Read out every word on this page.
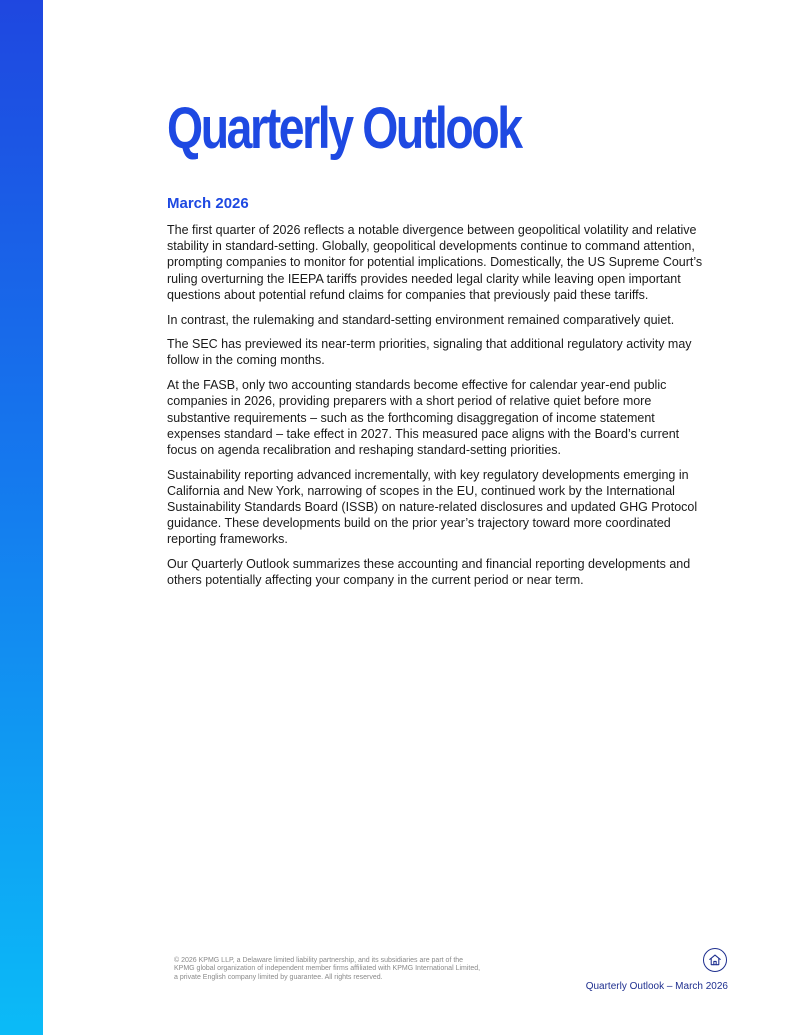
Quarterly Outlook
March 2026

The first quarter of 2026 reflects a notable divergence between geopolitical volatility and relative stability in standard-setting. Globally, geopolitical developments continue to command attention, prompting companies to monitor for potential implications. Domestically, the US Supreme Court’s ruling overturning the IEEPA tariffs provides needed legal clarity while leaving open important questions about potential refund claims for companies that previously paid these tariffs.

In contrast, the rulemaking and standard-setting environment remained comparatively quiet.

The SEC has previewed its near-term priorities, signaling that additional regulatory activity may follow in the coming months.

At the FASB, only two accounting standards become effective for calendar year-end public companies in 2026, providing preparers with a short period of relative quiet before more substantive requirements – such as the forthcoming disaggregation of income statement expenses standard – take effect in 2027. This measured pace aligns with the Board’s current focus on agenda recalibration and reshaping standard-setting priorities.

Sustainability reporting advanced incrementally, with key regulatory developments emerging in California and New York, narrowing of scopes in the EU, continued work by the International Sustainability Standards Board (ISSB) on nature-related disclosures and updated GHG Protocol guidance. These developments build on the prior year’s trajectory toward more coordinated reporting frameworks.

Our Quarterly Outlook summarizes these accounting and financial reporting developments and others potentially affecting your company in the current period or near term.

© 2026 KPMG LLP, a Delaware limited liability partnership, and its subsidiaries are part of the KPMG global organization of independent member firms affiliated with KPMG International Limited, a private English company limited by guarantee. All rights reserved.

Quarterly Outlook – March 2026
